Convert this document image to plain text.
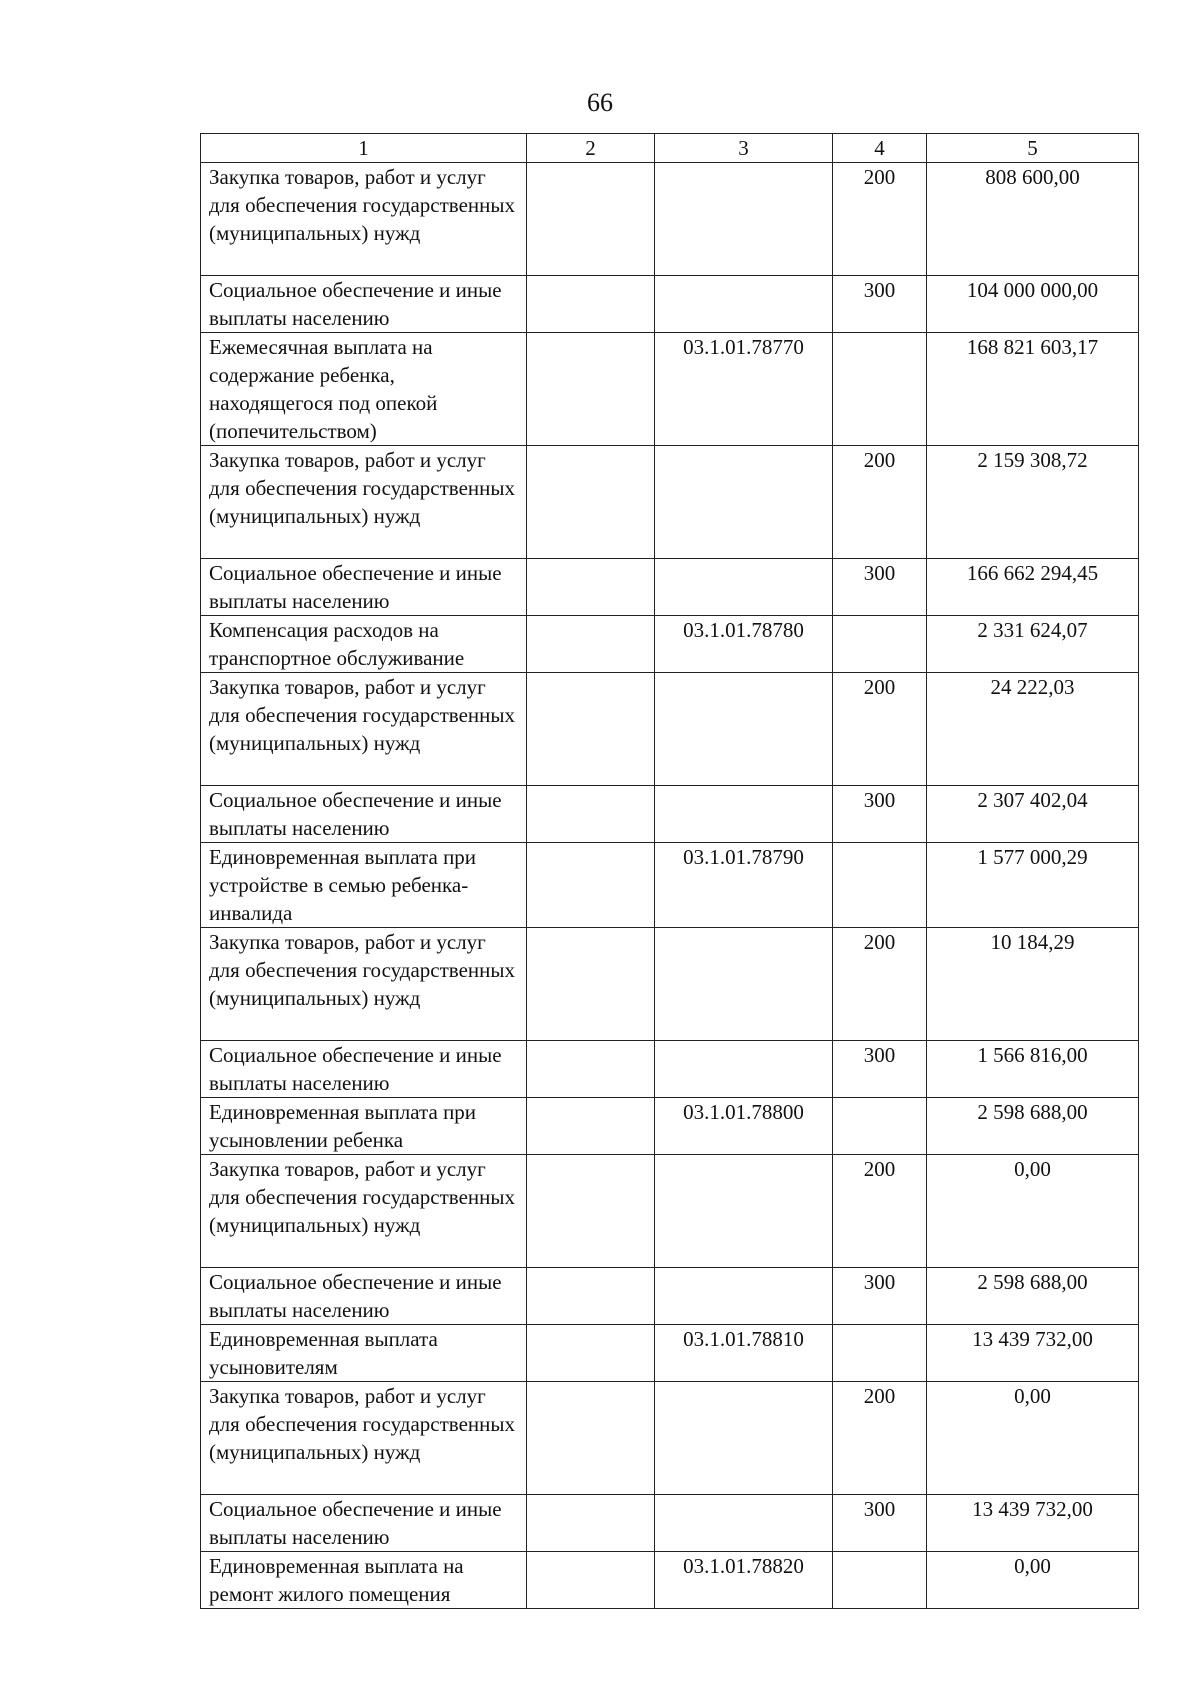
66
1	2	3	4	5
Закупка товаров, работ и услуг для обеспечения государственных (муниципальных) нужд			200	808 600,00
Социальное обеспечение и иные выплаты населению			300	104 000 000,00
Ежемесячная выплата на содержание ребенка, находящегося под опекой (попечительством)		03.1.01.78770		168 821 603,17
Закупка товаров, работ и услуг для обеспечения государственных (муниципальных) нужд			200	2 159 308,72
Социальное обеспечение и иные выплаты населению			300	166 662 294,45
Компенсация расходов на транспортное обслуживание		03.1.01.78780		2 331 624,07
Закупка товаров, работ и услуг для обеспечения государственных (муниципальных) нужд			200	24 222,03
Социальное обеспечение и иные выплаты населению			300	2 307 402,04
Единовременная выплата при устройстве в семью ребенка-инвалида		03.1.01.78790		1 577 000,29
Закупка товаров, работ и услуг для обеспечения государственных (муниципальных) нужд			200	10 184,29
Социальное обеспечение и иные выплаты населению			300	1 566 816,00
Единовременная выплата при усыновлении ребенка		03.1.01.78800		2 598 688,00
Закупка товаров, работ и услуг для обеспечения государственных (муниципальных) нужд			200	0,00
Социальное обеспечение и иные выплаты населению			300	2 598 688,00
Единовременная выплата усыновителям		03.1.01.78810		13 439 732,00
Закупка товаров, работ и услуг для обеспечения государственных (муниципальных) нужд			200	0,00
Социальное обеспечение и иные выплаты населению			300	13 439 732,00
Единовременная выплата на ремонт жилого помещения		03.1.01.78820		0,00
